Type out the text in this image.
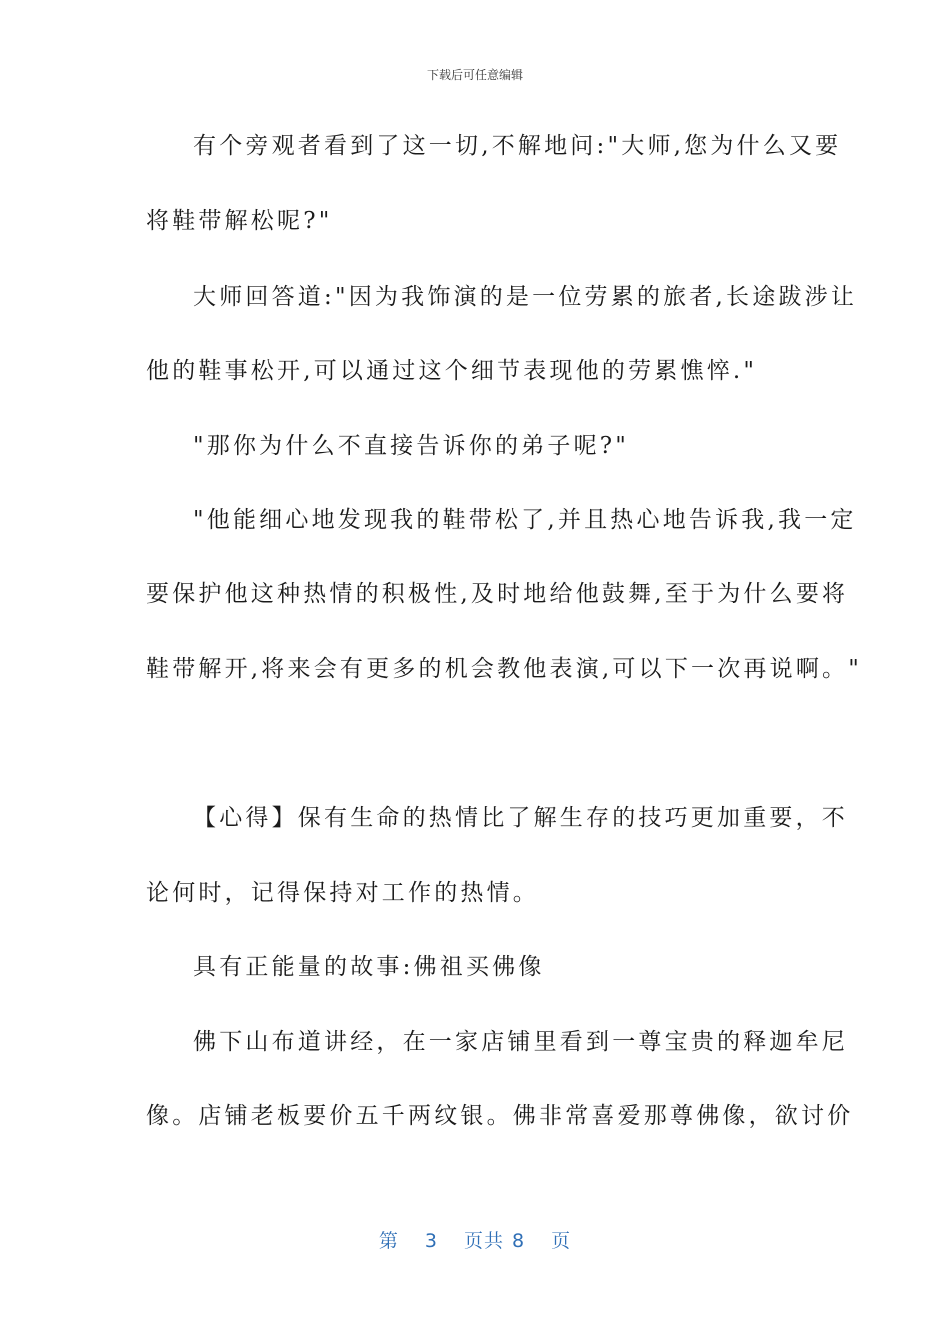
下载后可任意编辑
有个旁观者看到了这一切,不解地问:"大师,您为什么又要
将鞋带解松呢?"
大师回答道:"因为我饰演的是一位劳累的旅者,长途跋涉让
他的鞋事松开,可以通过这个细节表现他的劳累憔悴."
"那你为什么不直接告诉你的弟子呢?"
"他能细心地发现我的鞋带松了,并且热心地告诉我,我一定
要保护他这种热情的积极性,及时地给他鼓舞,至于为什么要将
鞋带解开,将来会有更多的机会教他表演,可以下一次再说啊。"
【心得】保有生命的热情比了解生存的技巧更加重要，不
论何时，记得保持对工作的热情。
具有正能量的故事:佛祖买佛像
佛下山布道讲经，在一家店铺里看到一尊宝贵的释迦牟尼
像。店铺老板要价五千两纹银。佛非常喜爱那尊佛像，欲讨价
第 3 页共 8 页
